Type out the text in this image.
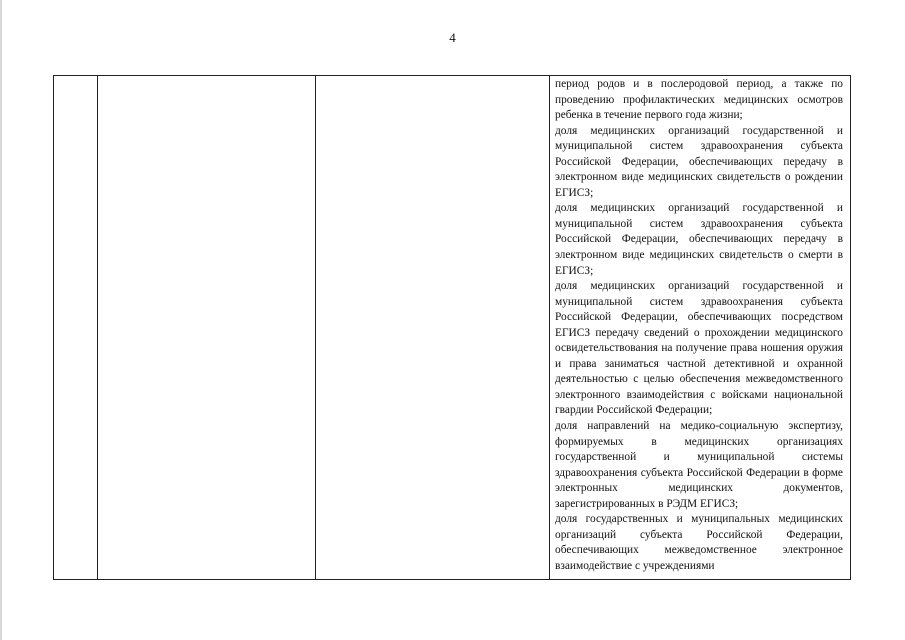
4

период родов и в послеродовой период, а также по проведению профилактических медицинских осмотров ребенка в течение первого года жизни;

доля медицинских организаций государственной и муниципальной систем здравоохранения субъекта Российской Федерации, обеспечивающих передачу в электронном виде медицинских свидетельств о рождении ЕГИСЗ;

доля медицинских организаций государственной и муниципальной систем здравоохранения субъекта Российской Федерации, обеспечивающих передачу в электронном виде медицинских свидетельств о смерти в ЕГИСЗ;

доля медицинских организаций государственной и муниципальной систем здравоохранения субъекта Российской Федерации, обеспечивающих посредством ЕГИСЗ передачу сведений о прохождении медицинского освидетельствования на получение права ношения оружия и права заниматься частной детективной и охранной деятельностью с целью обеспечения межведомственного электронного взаимодействия с войсками национальной гвардии Российской Федерации;

доля направлений на медико-социальную экспертизу, формируемых в медицинских организациях государственной и муниципальной системы здравоохранения субъекта Российской Федерации в форме электронных медицинских документов, зарегистрированных в РЭДМ ЕГИСЗ;

доля государственных и муниципальных медицинских организаций субъекта Российской Федерации, обеспечивающих межведомственное электронное взаимодействие с учреждениями
